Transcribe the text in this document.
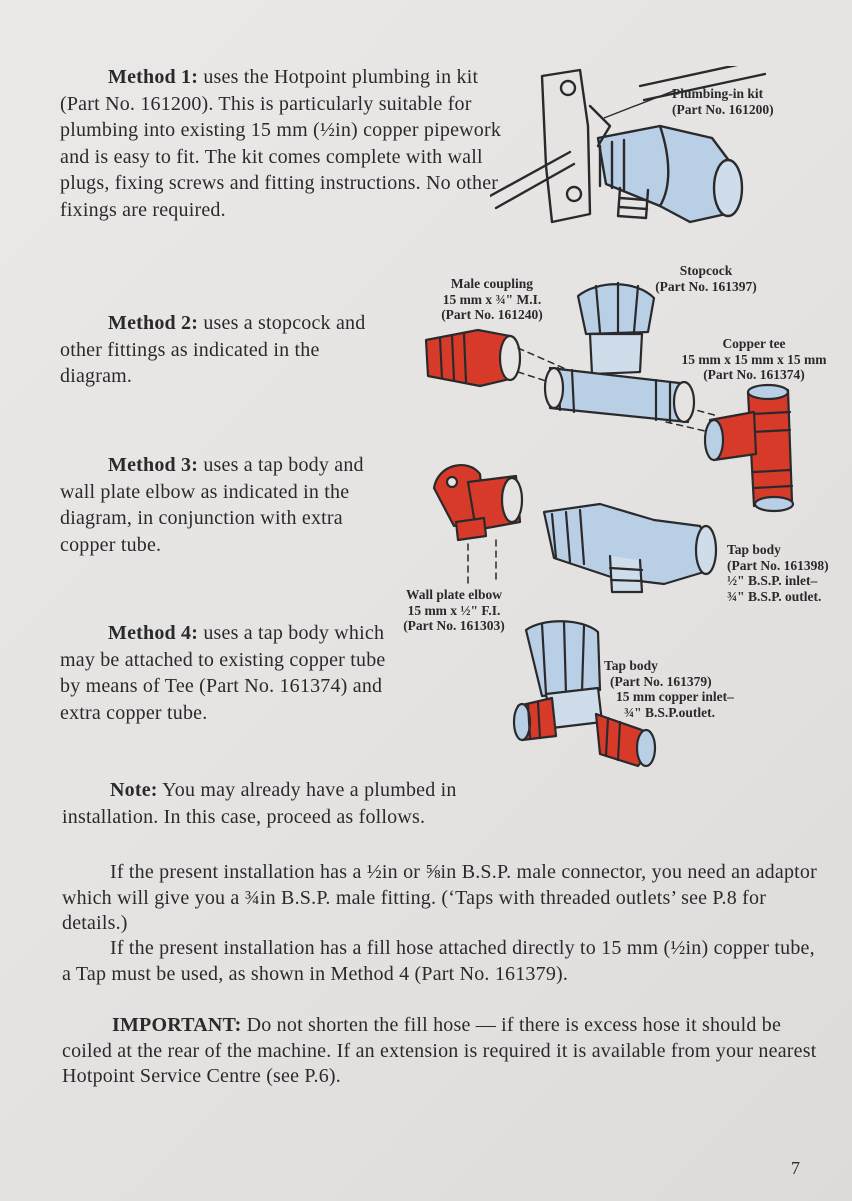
Method 1: uses the Hotpoint plumbing in kit (Part No. 161200). This is particularly suitable for plumbing into existing 15 mm (½in) copper pipework and is easy to fit. The kit comes complete with wall plugs, fixing screws and fitting instructions. No other fixings are required.
Method 2: uses a stopcock and other fittings as indicated in the diagram.
Method 3: uses a tap body and wall plate elbow as indicated in the diagram, in conjunction with extra copper tube.
Method 4: uses a tap body which may be attached to existing copper tube by means of Tee (Part No. 161374) and extra copper tube.
Note: You may already have a plumbed in installation. In this case, proceed as follows.
If the present installation has a ½in or ⅝in B.S.P. male connector, you need an adaptor which will give you a ¾in B.S.P. male fitting. (‘Taps with threaded outlets’ see P.8 for details.)
If the present installation has a fill hose attached directly to 15 mm (½in) copper tube, a Tap must be used, as shown in Method 4 (Part No. 161379).
IMPORTANT: Do not shorten the fill hose — if there is excess hose it should be coiled at the rear of the machine. If an extension is required it is available from your nearest Hotpoint Service Centre (see P.6).
7
Plumbing-in kit
(Part No. 161200)
Male coupling
15 mm x ¾" M.I.
(Part No. 161240)
Stopcock
(Part No. 161397)
Copper tee
15 mm x 15 mm x 15 mm
(Part No. 161374)
Tap body
(Part No. 161398)
½" B.S.P. inlet–
¾" B.S.P. outlet.
Wall plate elbow
15 mm x ½" F.I.
(Part No. 161303)
Tap body
(Part No. 161379)
15 mm copper inlet–
¾" B.S.P.outlet.
